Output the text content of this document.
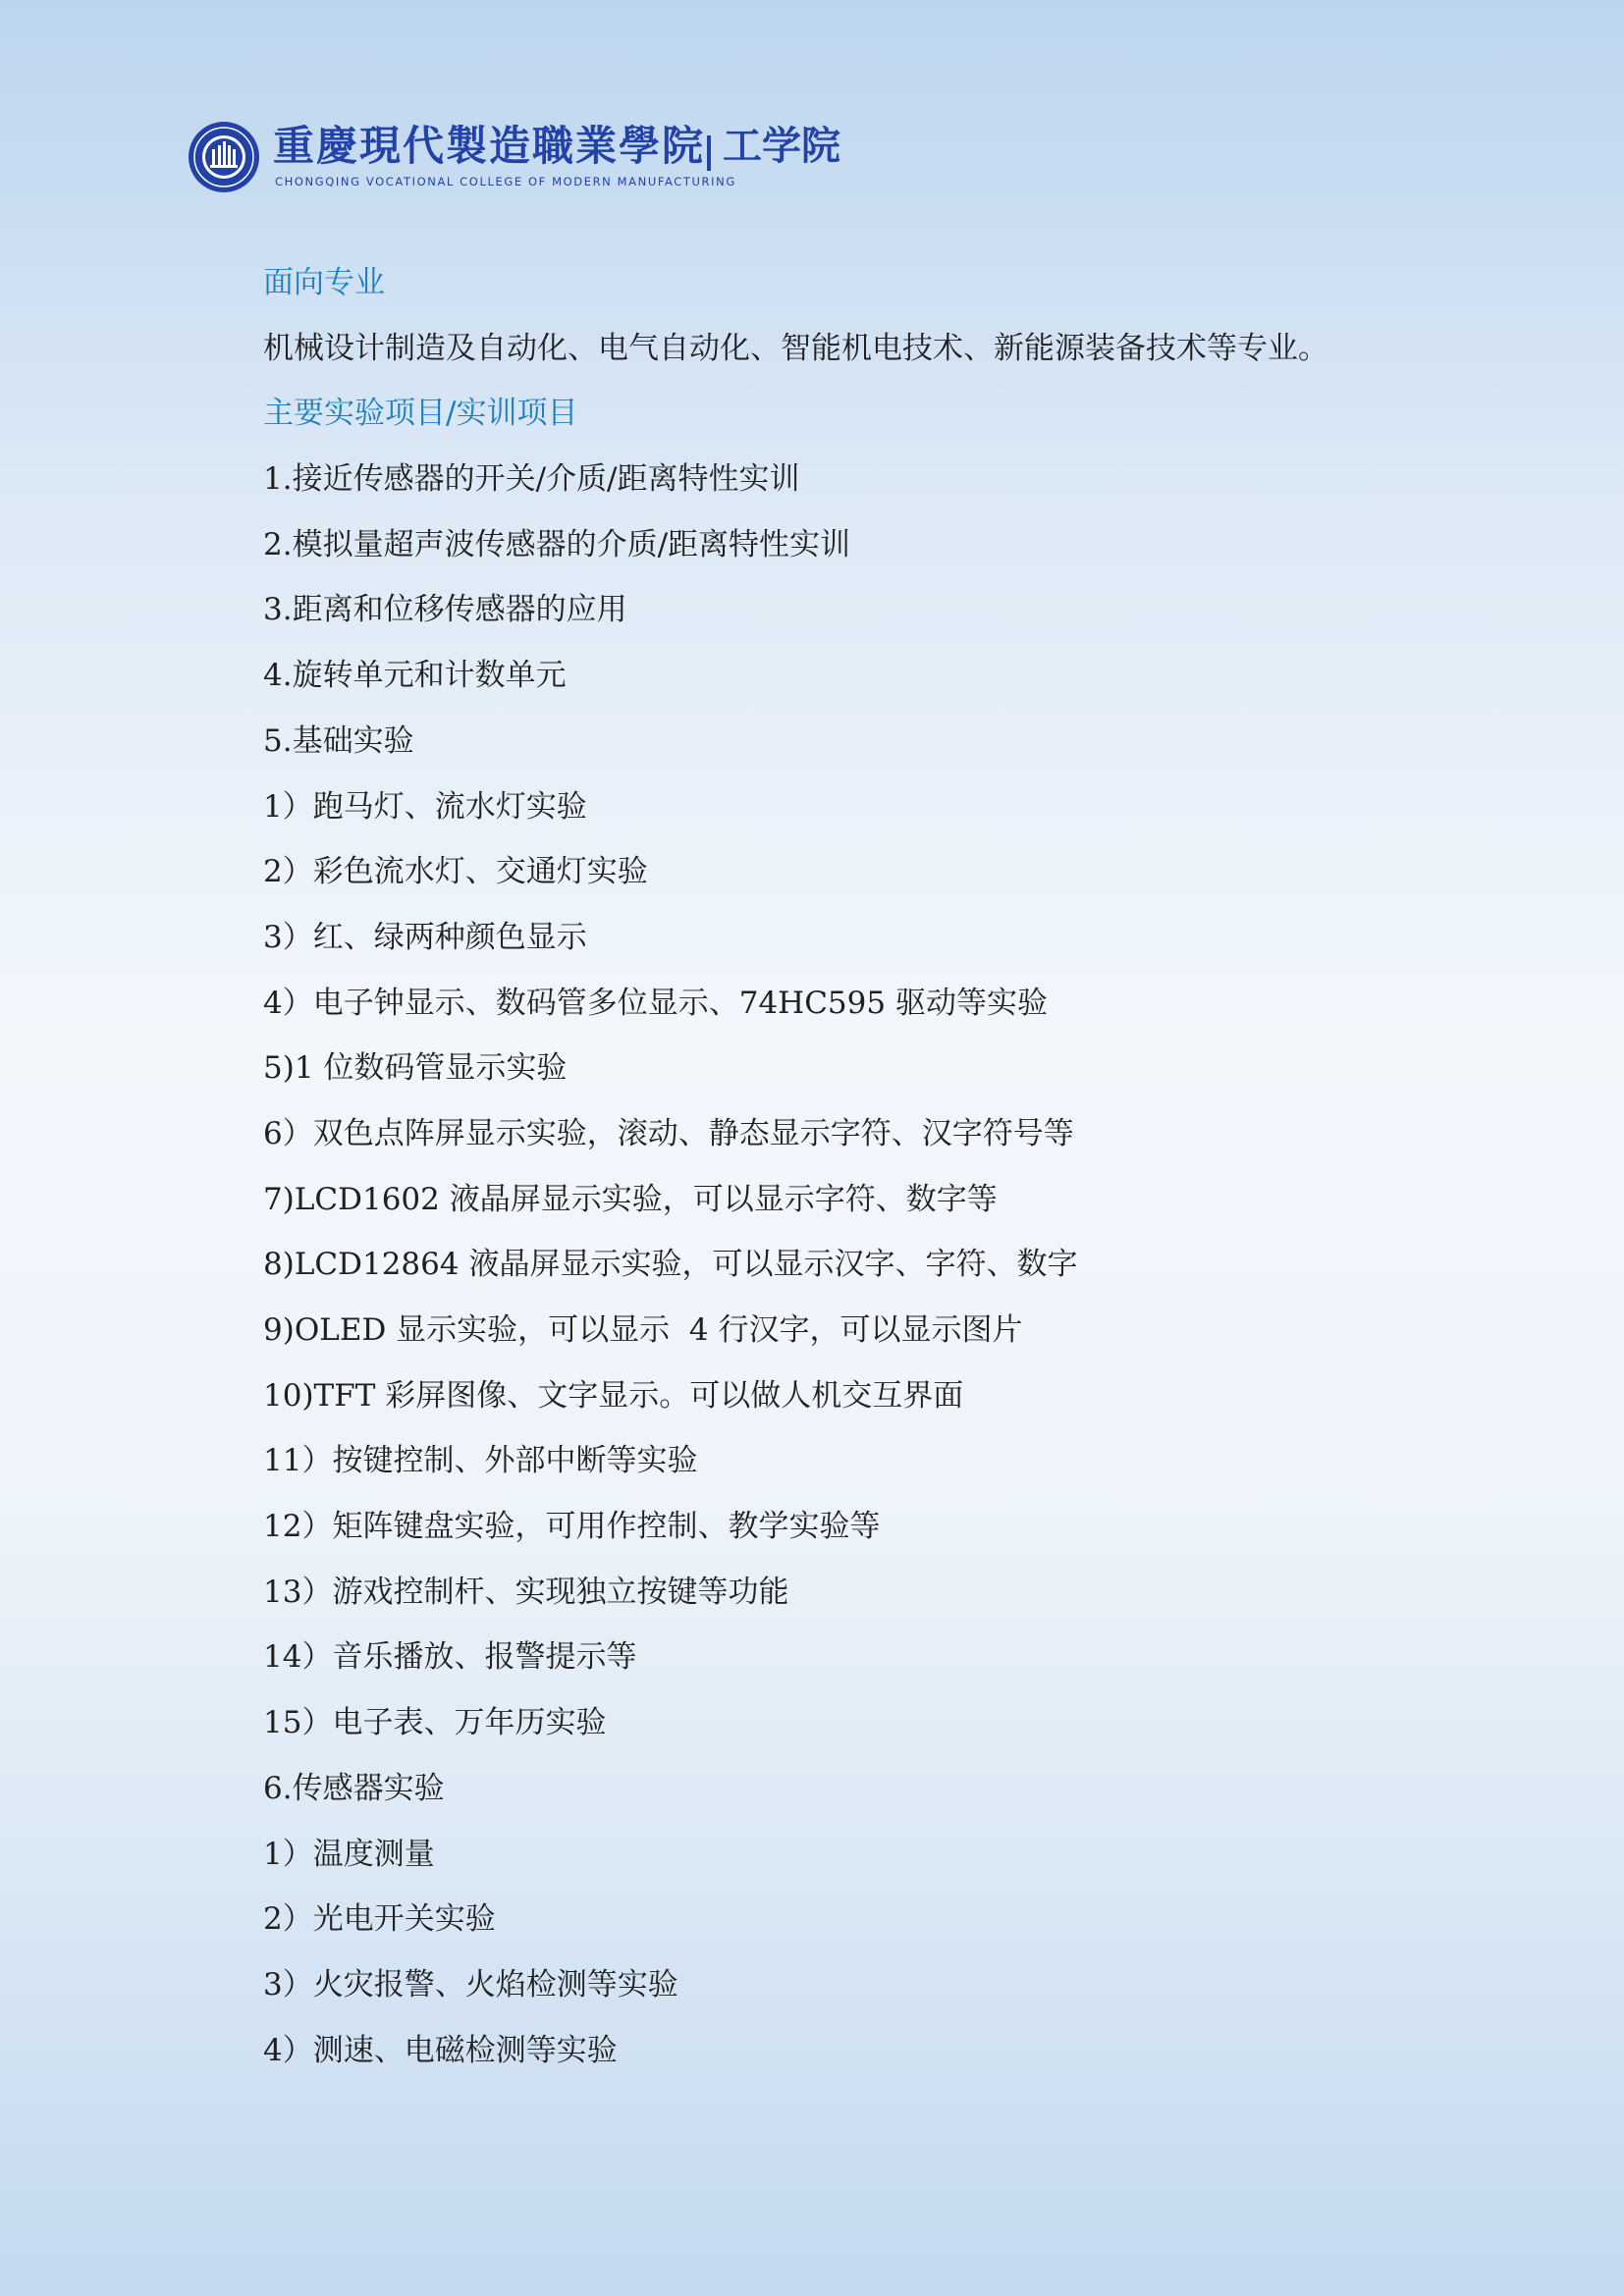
重慶現代製造職業學院 工学院
CHONGQING VOCATIONAL COLLEGE OF MODERN MANUFACTURING
面向专业
机械设计制造及自动化、电气自动化、智能机电技术、新能源装备技术等专业。
主要实验项目/实训项目
1.接近传感器的开关/介质/距离特性实训
2.模拟量超声波传感器的介质/距离特性实训
3.距离和位移传感器的应用
4.旋转单元和计数单元
5.基础实验
1）跑马灯、流水灯实验
2）彩色流水灯、交通灯实验
3）红、绿两种颜色显示
4）电子钟显示、数码管多位显示、74HC595 驱动等实验
5)1 位数码管显示实验
6）双色点阵屏显示实验，滚动、静态显示字符、汉字符号等
7)LCD1602 液晶屏显示实验，可以显示字符、数字等
8)LCD12864 液晶屏显示实验，可以显示汉字、字符、数字
9)OLED 显示实验，可以显示  4 行汉字，可以显示图片
10)TFT 彩屏图像、文字显示。可以做人机交互界面
11）按键控制、外部中断等实验
12）矩阵键盘实验，可用作控制、教学实验等
13）游戏控制杆、实现独立按键等功能
14）音乐播放、报警提示等
15）电子表、万年历实验
6.传感器实验
1）温度测量
2）光电开关实验
3）火灾报警、火焰检测等实验
4）测速、电磁检测等实验
